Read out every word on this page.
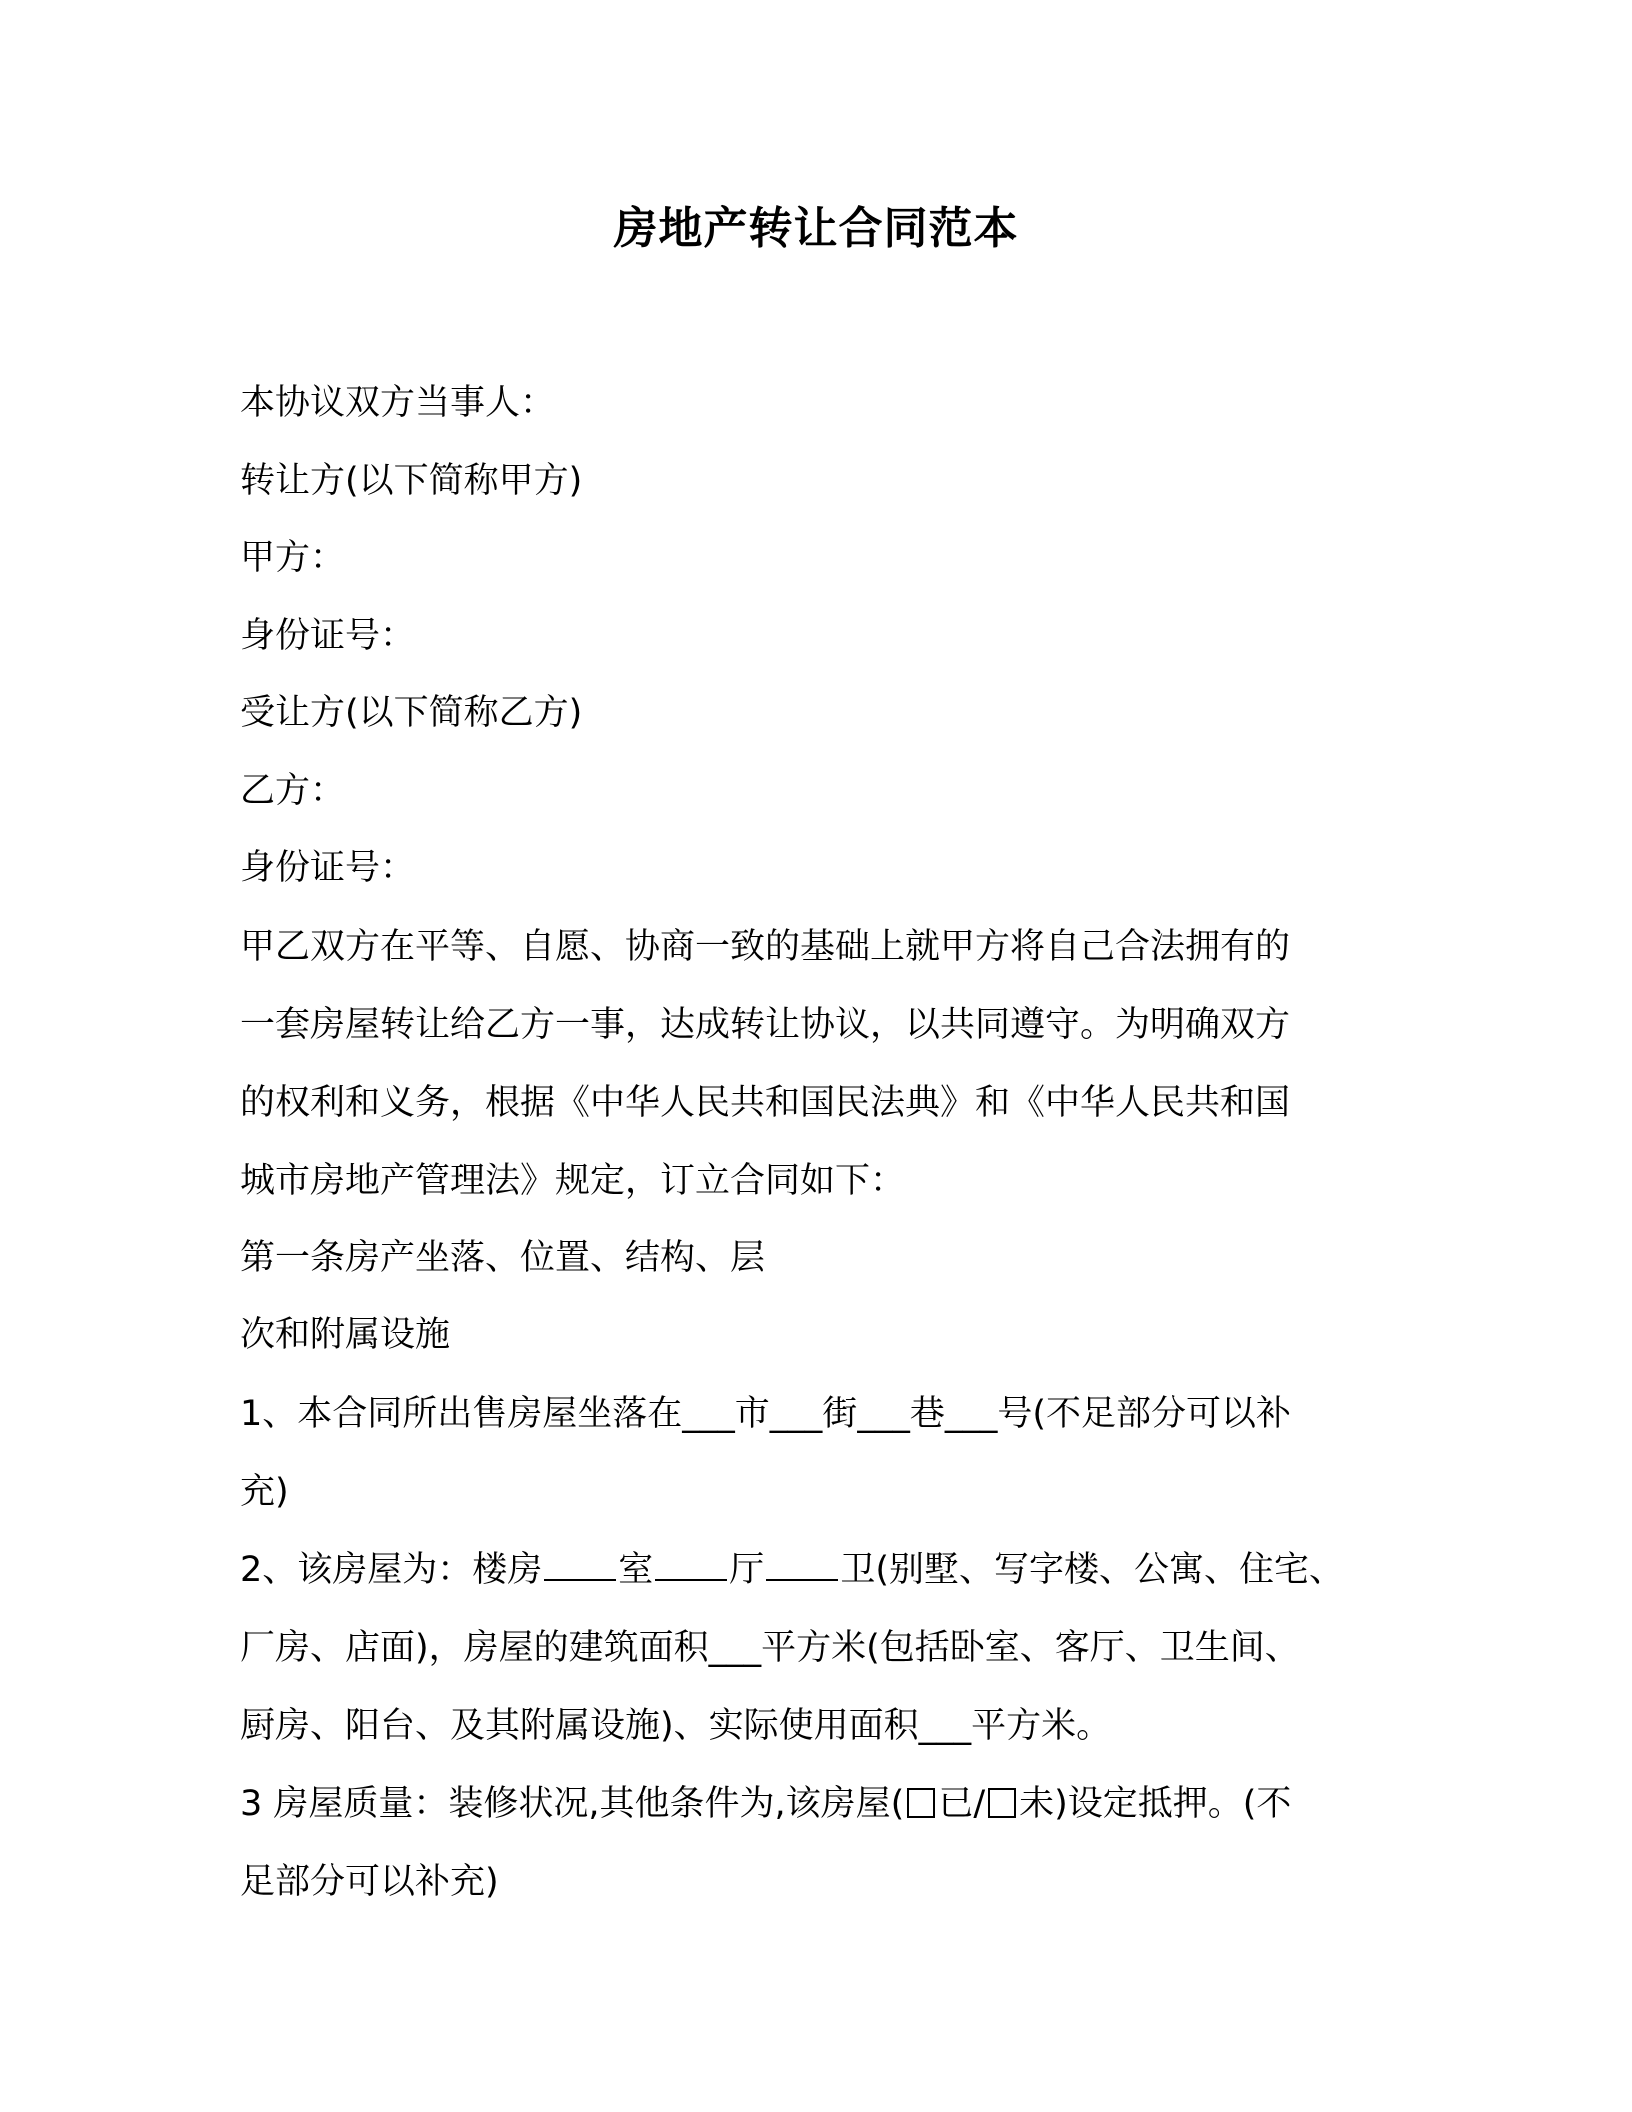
房地产转让合同范本
本协议双方当事人：
转让方(以下简称甲方)
甲方：
身份证号：
受让方(以下简称乙方)
乙方：
身份证号：
甲乙双方在平等、自愿、协商一致的基础上就甲方将自己合法拥有的
一套房屋转让给乙方一事，达成转让协议，以共同遵守。为明确双方
的权利和义务，根据《中华人民共和国民法典》和《中华人民共和国
城市房地产管理法》规定，订立合同如下：
第一条房产坐落、位置、结构、层
次和附属设施
1、本合同所出售房屋坐落在___市___街___巷___号(不足部分可以补
充)
2、该房屋为：楼房 室 厅 卫(别墅、写字楼、公寓、住宅、
厂房、店面)，房屋的建筑面积___平方米(包括卧室、客厅、卫生间、
厨房、阳台、及其附属设施)、实际使用面积___平方米。
3 房屋质量：装修状况,其他条件为,该房屋( 已/ 未)设定抵押。(不
足部分可以补充)
